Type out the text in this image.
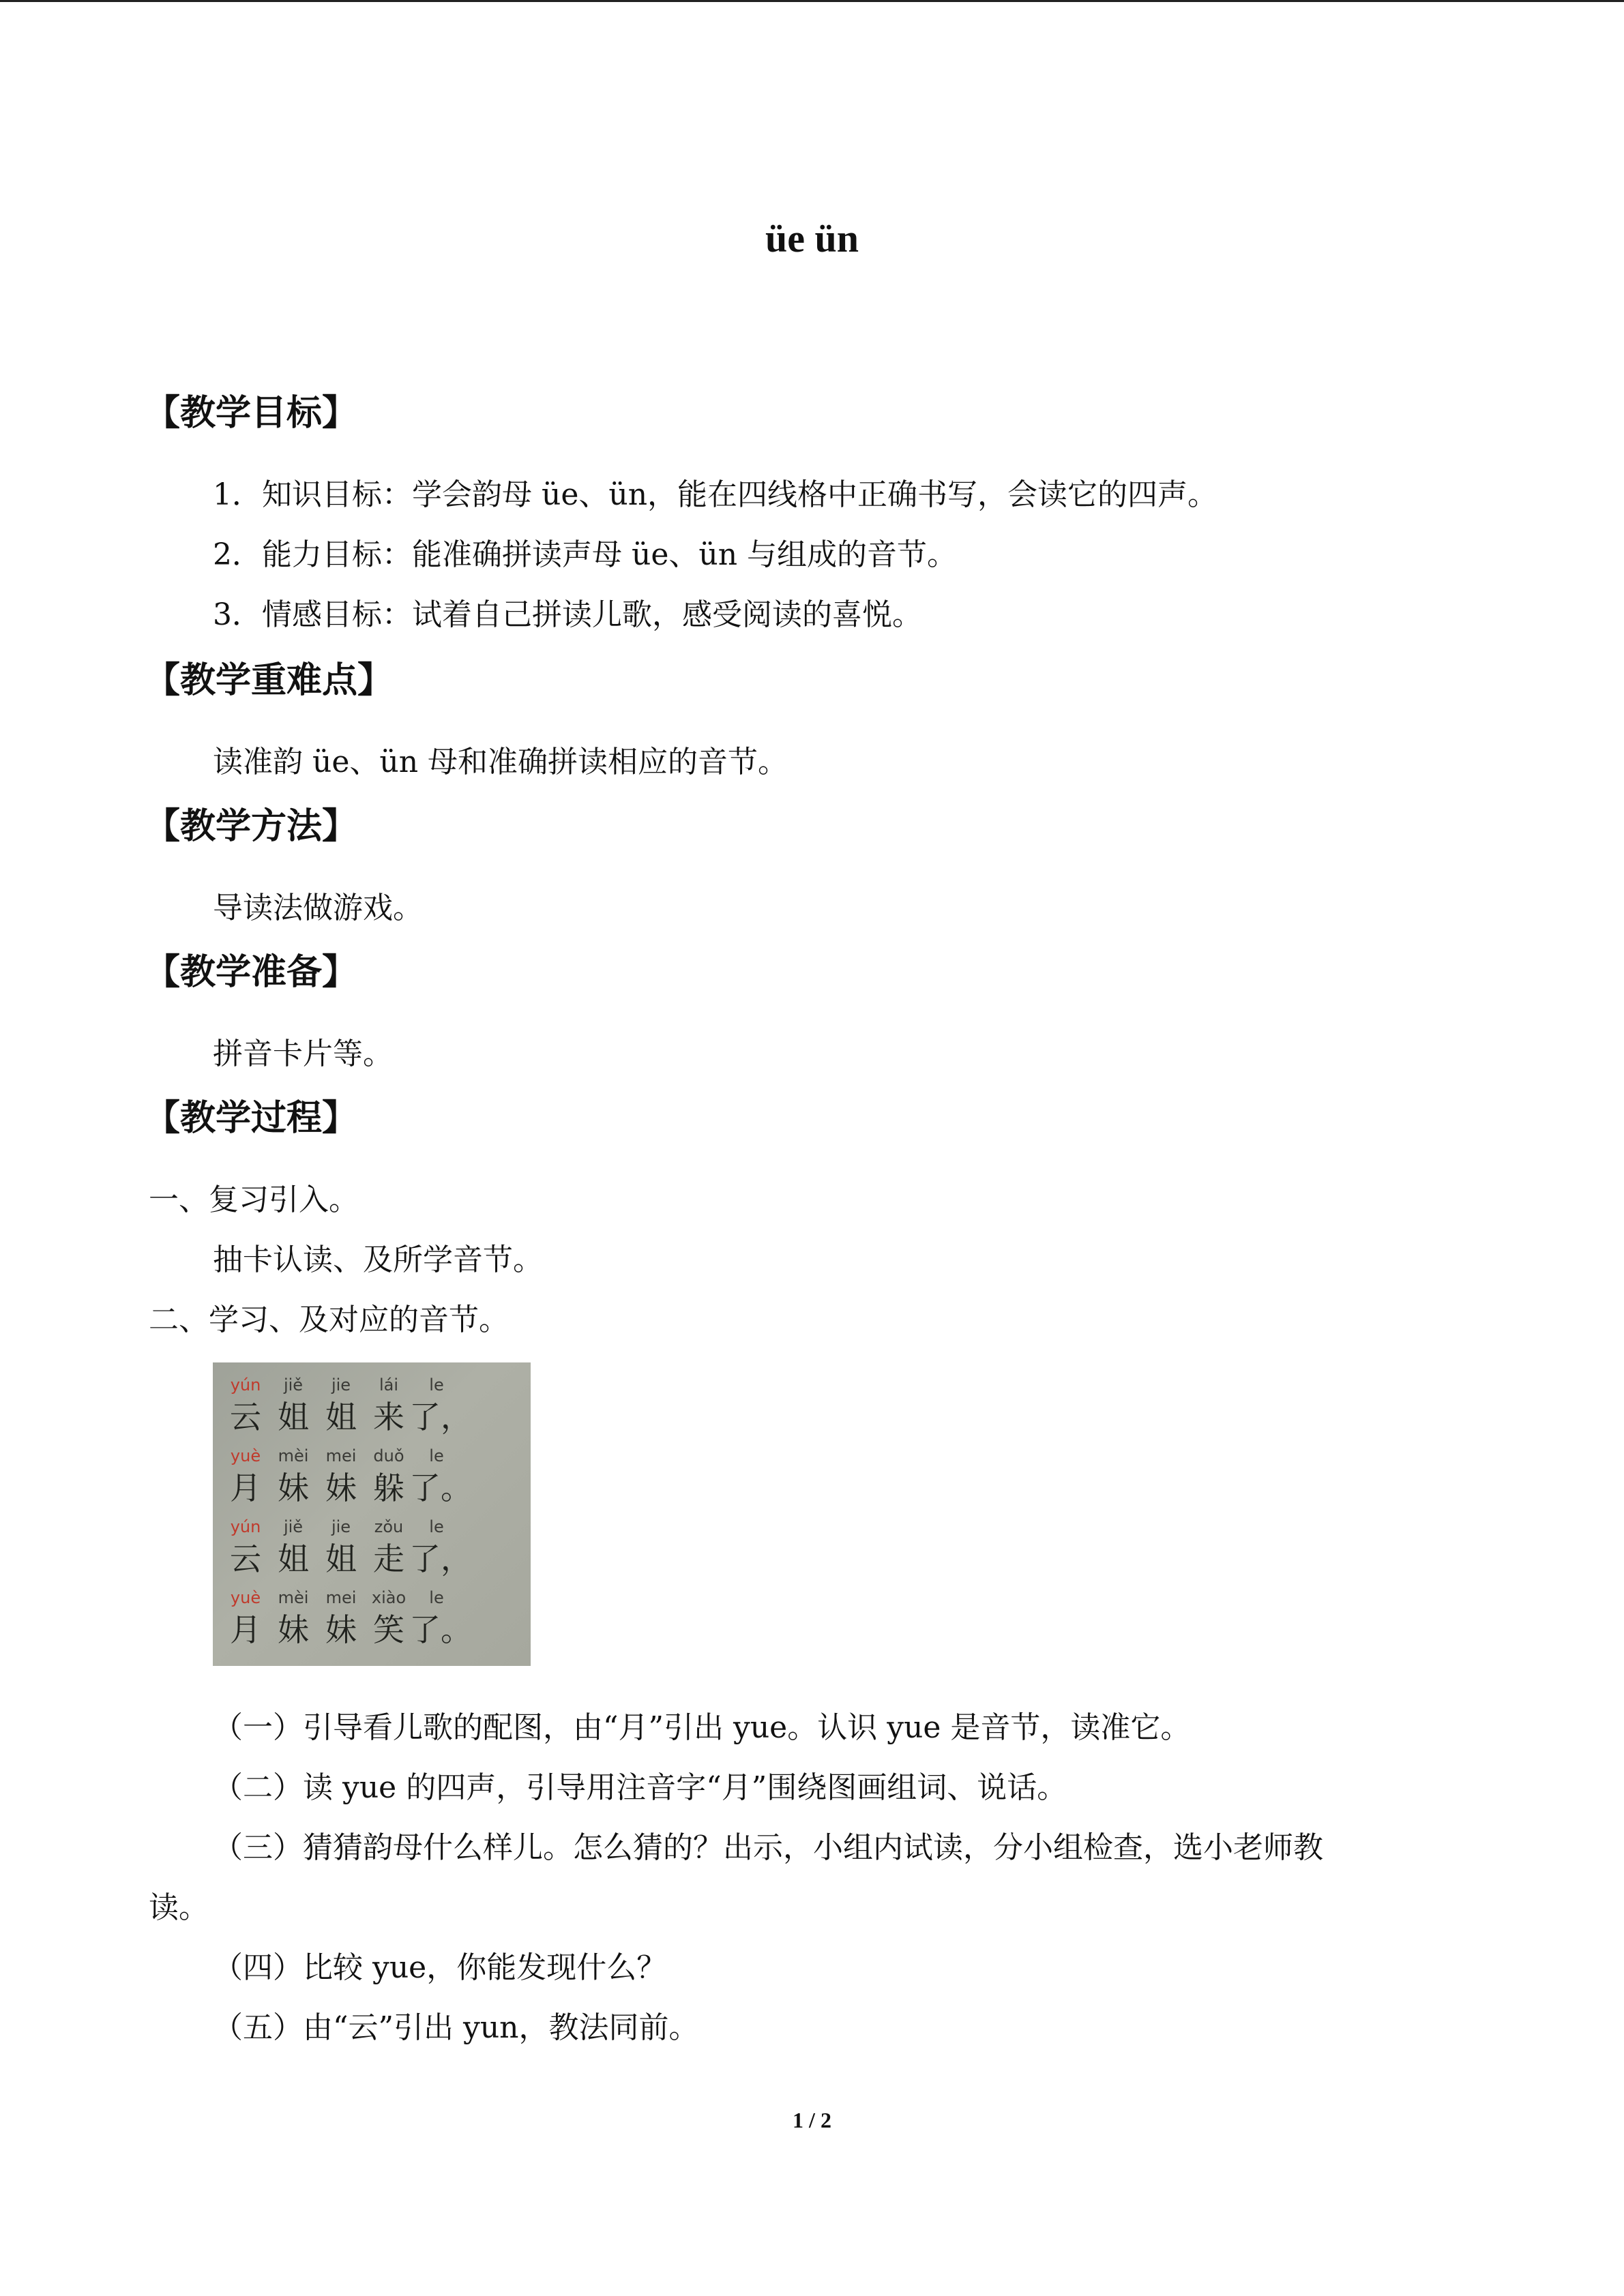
üe ün
【教学目标】
1．知识目标：学会韵母 üe、ün，能在四线格中正确书写，会读它的四声。
2．能力目标：能准确拼读声母 üe、ün 与组成的音节。
3．情感目标：试着自己拼读儿歌，感受阅读的喜悦。
【教学重难点】
读准韵 üe、ün 母和准确拼读相应的音节。
【教学方法】
导读法做游戏。
【教学准备】
拼音卡片等。
【教学过程】
一、复习引入。
抽卡认读、及所学音节。
二、学习、及对应的音节。
yún	jiě	jie	lái	le
云 姐 姐 来 了，
yuè	mèi	mei	duǒ	le
月 妹 妹 躲 了。
yún	jiě	jie	zǒu	le
云 姐 姐 走 了，
yuè	mèi	mei xiào	le
月 妹 妹 笑 了。
（一）引导看儿歌的配图，由“月”引出 yue。认识 yue 是音节，读准它。
（二）读 yue 的四声，引导用注音字“月”围绕图画组词、说话。
（三）猜猜韵母什么样儿。怎么猜的？出示，小组内试读，分小组检查，选小老师教
读。
（四）比较 yue，你能发现什么？
（五）由“云”引出 yun，教法同前。
1 / 2
